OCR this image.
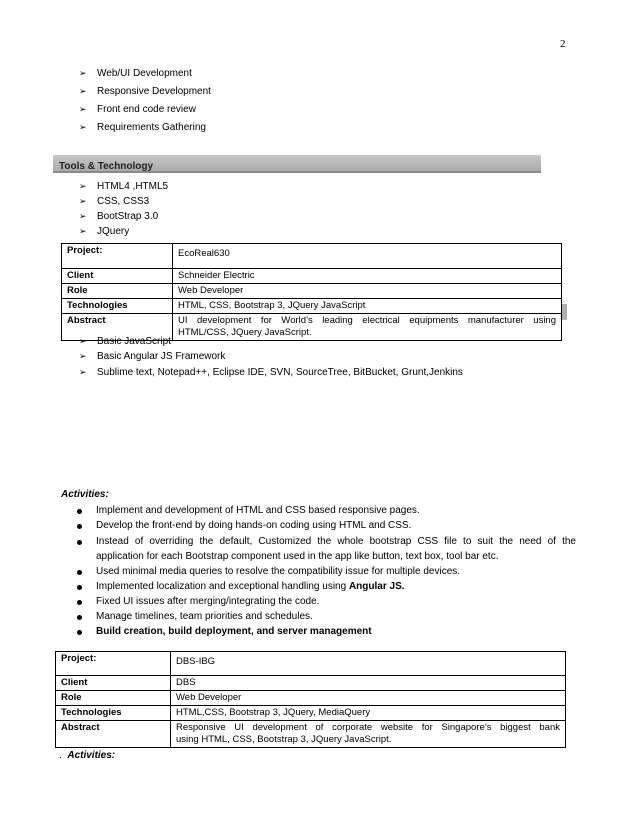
2
➢ Web/UI Development
➢ Responsive Development
➢ Front end code review
➢ Requirements Gathering
Tools & Technology
➢ HTML4 ,HTML5
➢ CSS, CSS3
➢ BootStrap 3.0
➢ JQuery
Project:	EcoReal630
Client	Schneider Electric
Role	Web Developer
Technologies	HTML, CSS, Bootstrap 3, JQuery JavaScript
Abstract	UI development for World’s leading electrical equipments manufacturer using
HTML/CSS, JQuery JavaScript.
➢ Basic JavaScript
➢ Basic Angular JS Framework
➢ Sublime text, Notepad++, Eclipse IDE, SVN, SourceTree, BitBucket, Grunt,Jenkins
Activities:
Implement and development of HTML and CSS based responsive pages.
Develop the front-end by doing hands-on coding using HTML and CSS.
Instead of overriding the default, Customized the whole bootstrap CSS file to suit the need of the
application for each Bootstrap component used in the app like button, text box, tool bar etc.
Used minimal media queries to resolve the compatibility issue for multiple devices.
Implemented localization and exceptional handling using Angular JS.
Fixed UI issues after merging/integrating the code.
Manage timelines, team priorities and schedules.
Build creation, build deployment, and server management
Project:	DBS-IBG
Client	DBS
Role	Web Developer
Technologies	HTML,CSS, Bootstrap 3, JQuery, MediaQuery
Abstract	Responsive UI development of corporate website for Singapore’s biggest bank
using HTML, CSS, Bootstrap 3, JQuery JavaScript.
. Activities:
